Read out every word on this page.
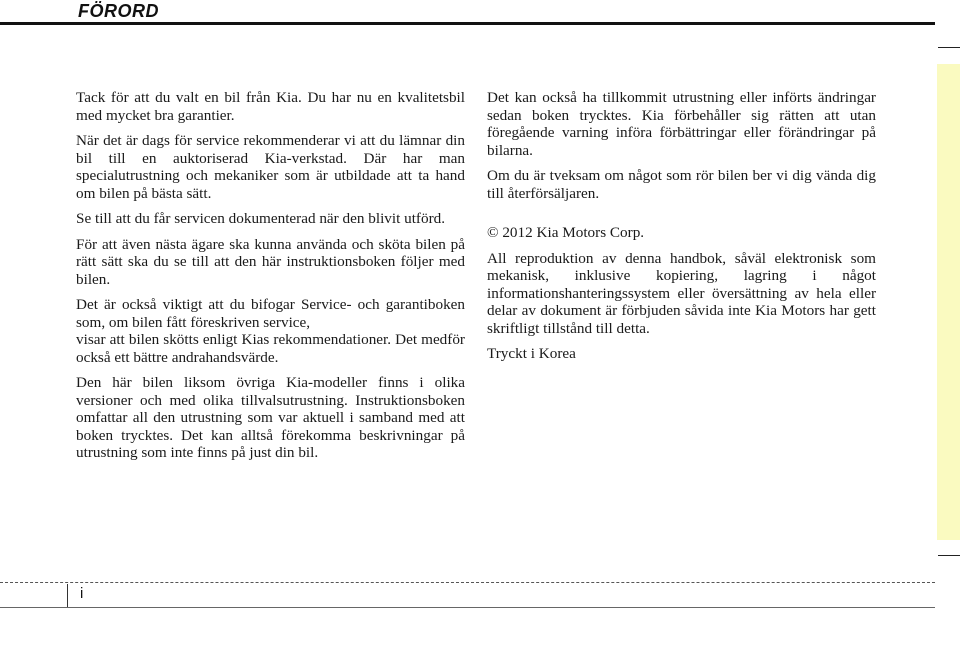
FÖRORD

Tack för att du valt en bil från Kia. Du har nu en kvalitetsbil med mycket bra garantier.

När det är dags för service rekommenderar vi att du lämnar din bil till en auktoriserad Kia-verkstad. Där har man specialutrustning och mekaniker som är utbildade att ta hand om bilen på bästa sätt.

Se till att du får servicen dokumenterad när den blivit utförd.

För att även nästa ägare ska kunna använda och sköta bilen på rätt sätt ska du se till att den här instruktionsboken följer med bilen.

Det är också viktigt att du bifogar Service- och garantiboken som, om bilen fått föreskriven service,

visar att bilen skötts enligt Kias rekommendationer. Det medför också ett bättre andrahandsvärde.

Den här bilen liksom övriga Kia-modeller finns i olika versioner och med olika tillvalsutrustning. Instruktionsboken omfattar all den utrustning som var aktuell i samband med att boken trycktes. Det kan alltså förekomma beskrivningar på utrustning som inte finns på just din bil.

Det kan också ha tillkommit utrustning eller införts ändringar sedan boken trycktes. Kia förbehåller sig rätten att utan föregående varning införa förbättringar eller förändringar på bilarna.

Om du är tveksam om något som rör bilen ber vi dig vända dig till återförsäljaren.

© 2012 Kia Motors Corp.

All reproduktion av denna handbok, såväl elektronisk som mekanisk, inklusive kopiering, lagring i något informationshanteringssystem eller översättning av hela eller delar av dokument är förbjuden såvida inte Kia Motors har gett skriftligt tillstånd till detta.

Tryckt i Korea

i
